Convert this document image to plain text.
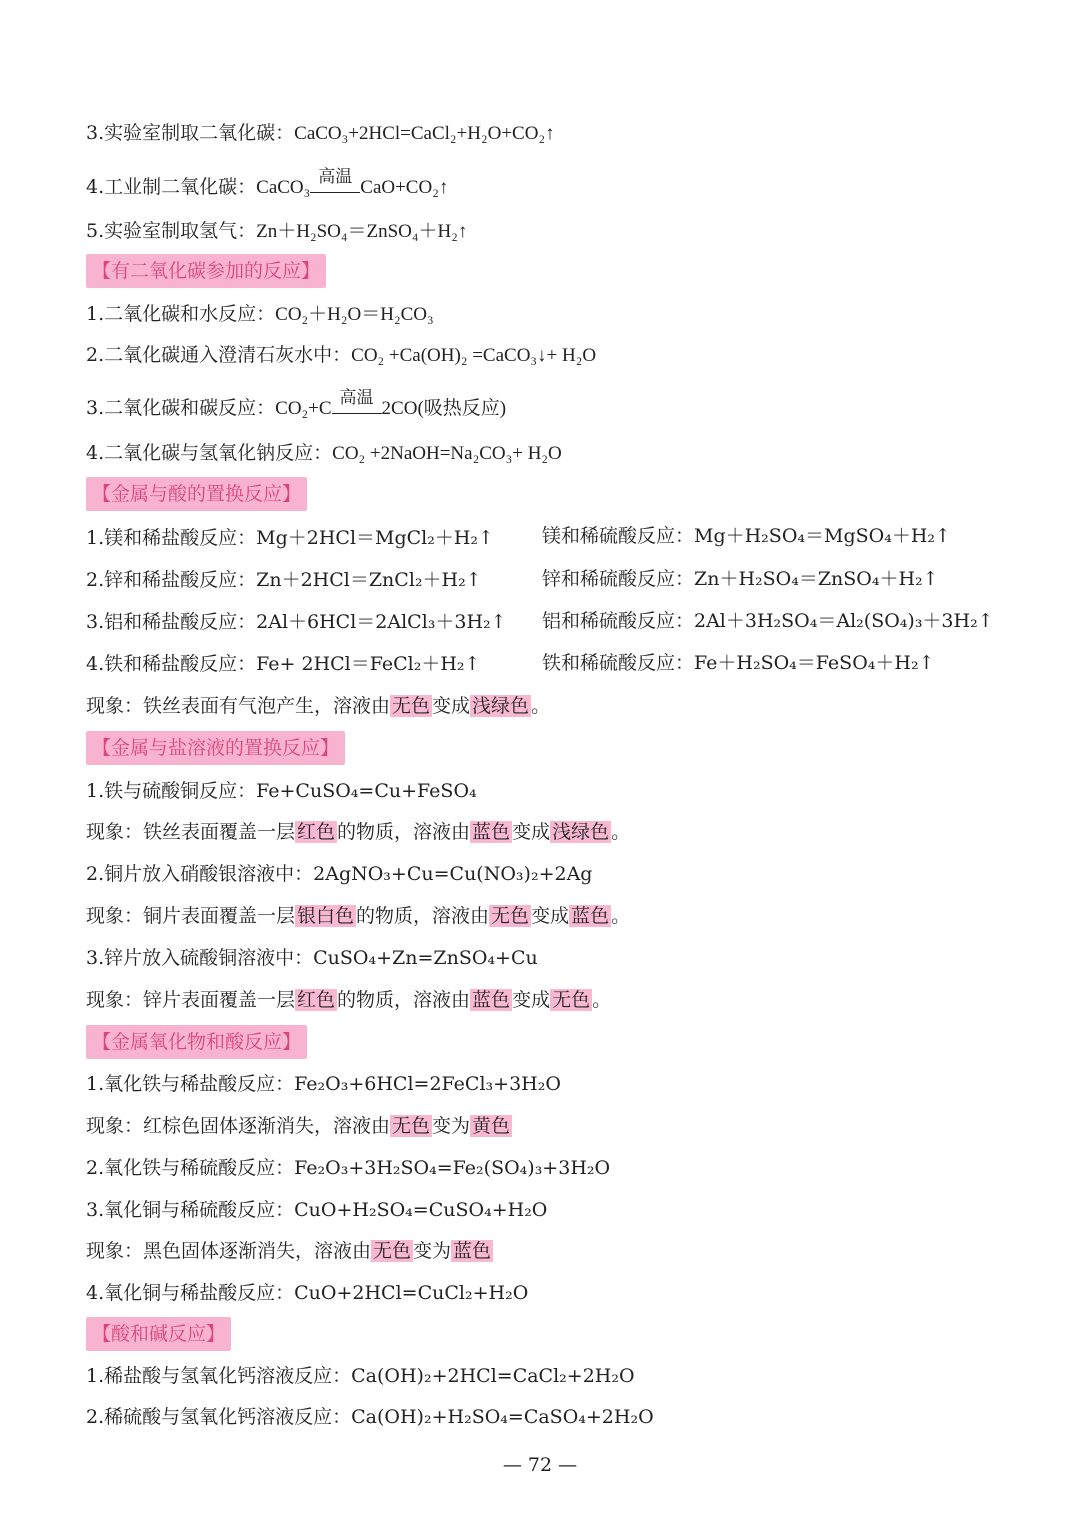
3.实验室制取二氧化碳：CaCO₃+2HCl=CaCl₂+H₂O+CO₂↑
4.工业制二氧化碳：CaCO₃ 高温 CaO+CO₂↑
5.实验室制取氢气：Zn＋H₂SO₄＝ZnSO₄＋H₂↑
【有二氧化碳参加的反应】
1.二氧化碳和水反应：CO₂＋H₂O＝H₂CO₃
2.二氧化碳通入澄清石灰水中：CO₂ +Ca(OH)₂ =CaCO₃↓+ H₂O
3.二氧化碳和碳反应：CO₂+C 高温 2CO(吸热反应)
4.二氧化碳与氢氧化钠反应：CO₂ +2NaOH=Na₂CO₃+ H₂O
【金属与酸的置换反应】
1.镁和稀盐酸反应：Mg＋2HCl＝MgCl₂＋H₂↑	镁和稀硫酸反应：Mg＋H₂SO₄＝MgSO₄＋H₂↑
2.锌和稀盐酸反应：Zn＋2HCl＝ZnCl₂＋H₂↑	锌和稀硫酸反应：Zn＋H₂SO₄＝ZnSO₄＋H₂↑
3.铝和稀盐酸反应：2Al＋6HCl＝2AlCl₃＋3H₂↑ 铝和稀硫酸反应：2Al＋3H₂SO₄＝Al₂(SO₄)₃＋3H₂↑
4.铁和稀盐酸反应：Fe+ 2HCl＝FeCl₂＋H₂↑	铁和稀硫酸反应：Fe＋H₂SO₄＝FeSO₄＋H₂↑
现象：铁丝表面有气泡产生，溶液由 无色 变成 浅绿色 。
【金属与盐溶液的置换反应】
1.铁与硫酸铜反应：Fe+CuSO₄=Cu+FeSO₄
现象：铁丝表面覆盖一层 红色 的物质，溶液由 蓝色 变成 浅绿色 。
2.铜片放入硝酸银溶液中：2AgNO₃+Cu=Cu(NO₃)₂+2Ag
现象：铜片表面覆盖一层 银白色 的物质，溶液由 无色 变成 蓝色 。
3.锌片放入硫酸铜溶液中：CuSO₄+Zn=ZnSO₄+Cu
现象：锌片表面覆盖一层 红色 的物质，溶液由 蓝色 变成 无色 。
【金属氧化物和酸反应】
1.氧化铁与稀盐酸反应：Fe₂O₃+6HCl=2FeCl₃+3H₂O
现象：红棕色固体逐渐消失，溶液由 无色 变为 黄色
2.氧化铁与稀硫酸反应：Fe₂O₃+3H₂SO₄=Fe₂(SO₄)₃+3H₂O
3.氧化铜与稀硫酸反应：CuO+H₂SO₄=CuSO₄+H₂O
现象：黑色固体逐渐消失，溶液由 无色 变为 蓝色
4.氧化铜与稀盐酸反应：CuO+2HCl=CuCl₂+H₂O
【酸和碱反应】
1.稀盐酸与氢氧化钙溶液反应：Ca(OH)₂+2HCl=CaCl₂+2H₂O
2.稀硫酸与氢氧化钙溶液反应：Ca(OH)₂+H₂SO₄=CaSO₄+2H₂O
— 72 —
